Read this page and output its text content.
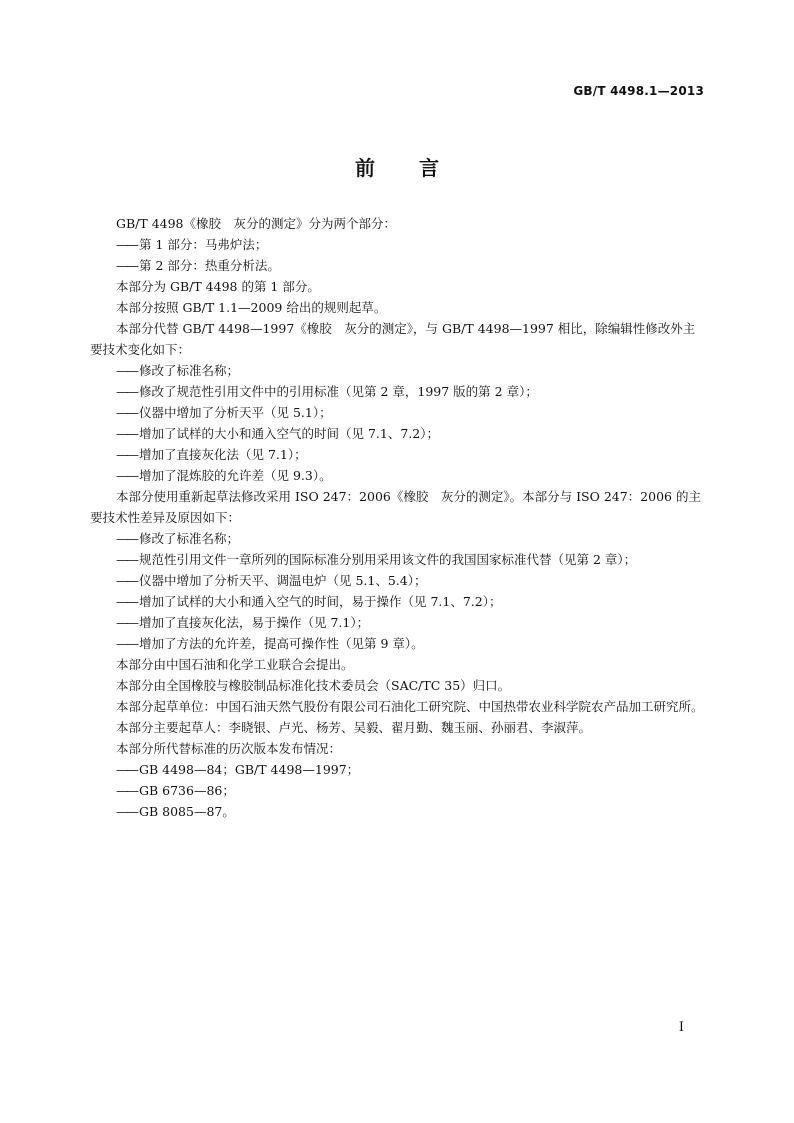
GB/T 4498.1—2013
前言

GB/T 4498《橡胶　灰分的测定》分为两个部分：

—— 第 1 部分：马弗炉法；

—— 第 2 部分：热重分析法。

本部分为 GB/T 4498 的第 1 部分。

本部分按照 GB/T 1.1—2009 给出的规则起草。

本部分代替 GB/T 4498—1997《橡胶　灰分的测定》，与 GB/T 4498—1997 相比，除编辑性修改外主要技术变化如下：

—— 修改了标准名称；

—— 修改了规范性引用文件中的引用标准（见第 2 章，1997 版的第 2 章）；

—— 仪器中增加了分析天平（见 5.1）；

—— 增加了试样的大小和通入空气的时间（见 7.1、7.2）；

—— 增加了直接灰化法（见 7.1）；

—— 增加了混炼胶的允许差（见 9.3）。

本部分使用重新起草法修改采用 ISO 247：2006《橡胶　灰分的测定》。本部分与 ISO 247：2006 的主要技术性差异及原因如下：

—— 修改了标准名称；

—— 规范性引用文件一章所列的国际标准分别用采用该文件的我国国家标准代替（见第 2 章）；

—— 仪器中增加了分析天平、调温电炉（见 5.1、5.4）；

—— 增加了试样的大小和通入空气的时间，易于操作（见 7.1、7.2）；

—— 增加了直接灰化法，易于操作（见 7.1）；

—— 增加了方法的允许差，提高可操作性（见第 9 章）。

本部分由中国石油和化学工业联合会提出。

本部分由全国橡胶与橡胶制品标准化技术委员会（SAC/TC 35）归口。

本部分起草单位：中国石油天然气股份有限公司石油化工研究院、中国热带农业科学院农产品加工研究所。

本部分主要起草人：李晓银、卢光、杨芳、吴毅、翟月勤、魏玉丽、孙丽君、李淑萍。

本部分所代替标准的历次版本发布情况：

—— GB 4498—84；GB/T 4498—1997；

—— GB 6736—86；

—— GB 8085—87。

I
